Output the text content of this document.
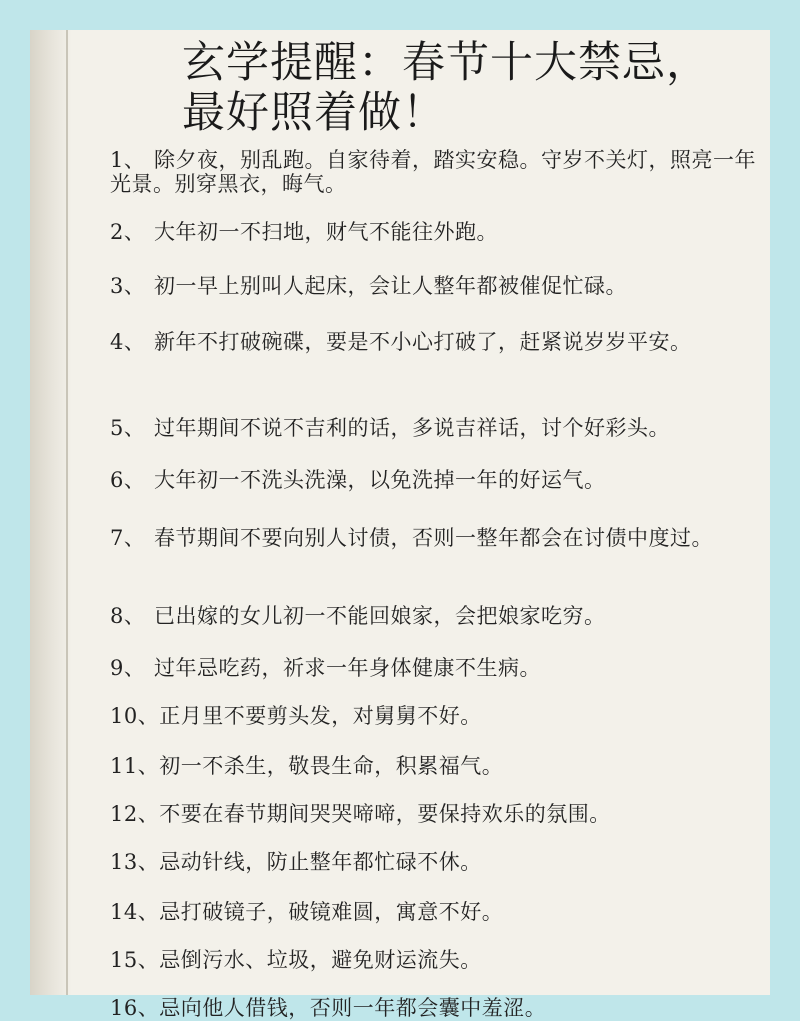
玄学提醒：春节十大禁忌，
最好照着做！
1、 除夕夜，别乱跑。自家待着，踏实安稳。守岁不关灯，照亮一年光景。别穿黑衣，晦气。
2、 大年初一不扫地，财气不能往外跑。
3、 初一早上别叫人起床，会让人整年都被催促忙碌。
4、 新年不打破碗碟，要是不小心打破了，赶紧说岁岁平安。
5、 过年期间不说不吉利的话，多说吉祥话，讨个好彩头。
6、 大年初一不洗头洗澡，以免洗掉一年的好运气。
7、 春节期间不要向别人讨债，否则一整年都会在讨债中度过。
8、 已出嫁的女儿初一不能回娘家，会把娘家吃穷。
9、 过年忌吃药，祈求一年身体健康不生病。
10、正月里不要剪头发，对舅舅不好。
11、初一不杀生，敬畏生命，积累福气。
12、不要在春节期间哭哭啼啼，要保持欢乐的氛围。
13、忌动针线，防止整年都忙碌不休。
14、忌打破镜子，破镜难圆，寓意不好。
15、忌倒污水、垃圾，避免财运流失。
16、忌向他人借钱，否则一年都会囊中羞涩。
